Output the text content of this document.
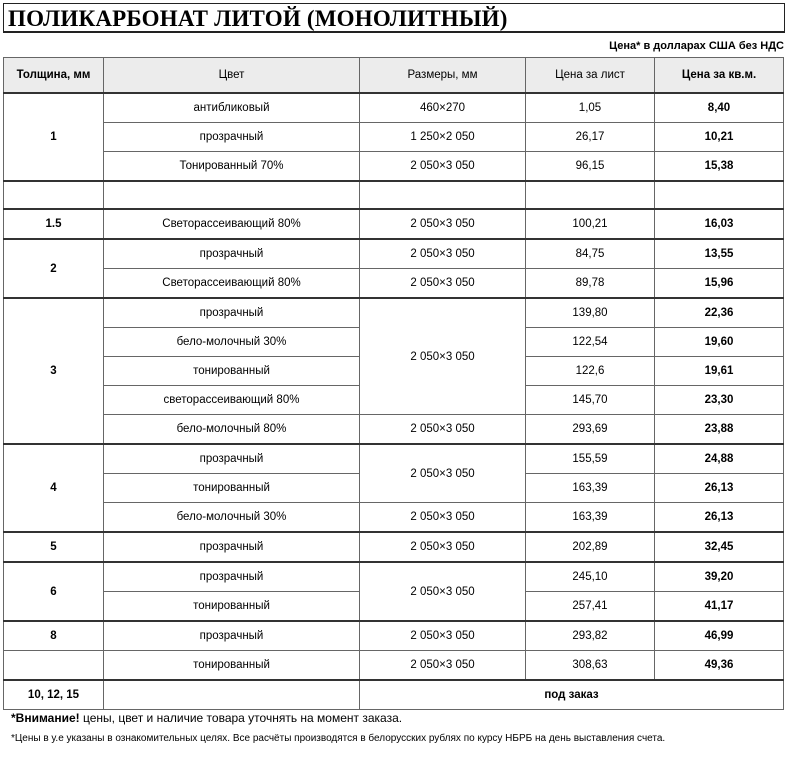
ПОЛИКАРБОНАТ ЛИТОЙ (МОНОЛИТНЫЙ)
Цена* в долларах США без НДС
Толщина, мм	Цвет	Размеры, мм	Цена за лист	Цена за кв.м.
1	антибликовый	460×270	1,05	8,40
	прозрачный	1 250×2 050	26,17	10,21
	Тонированный 70%	2 050×3 050	96,15	15,38

1.5	Светорассеивающий 80%	2 050×3 050	100,21	16,03
2	прозрачный	2 050×3 050	84,75	13,55
	Светорассеивающий 80%	2 050×3 050	89,78	15,96
3	прозрачный	2 050×3 050	139,80	22,36
	бело-молочный 30%		122,54	19,60
	тонированный		122,6	19,61
	светорассеивающий 80%		145,70	23,30
	бело-молочный 80%	2 050×3 050	293,69	23,88
4	прозрачный	2 050×3 050	155,59	24,88
	тонированный		163,39	26,13
	бело-молочный 30%	2 050×3 050	163,39	26,13
5	прозрачный	2 050×3 050	202,89	32,45
6	прозрачный	2 050×3 050	245,10	39,20
	тонированный		257,41	41,17
8	прозрачный	2 050×3 050	293,82	46,99
	тонированный	2 050×3 050	308,63	49,36
10, 12, 15		под заказ		
*Внимание! цены, цвет и наличие товара уточнять на момент заказа.
*Цены в у.е указаны в ознакомительных целях. Все расчёты производятся в белорусских рублях по курсу НБРБ на день выставления счета.
